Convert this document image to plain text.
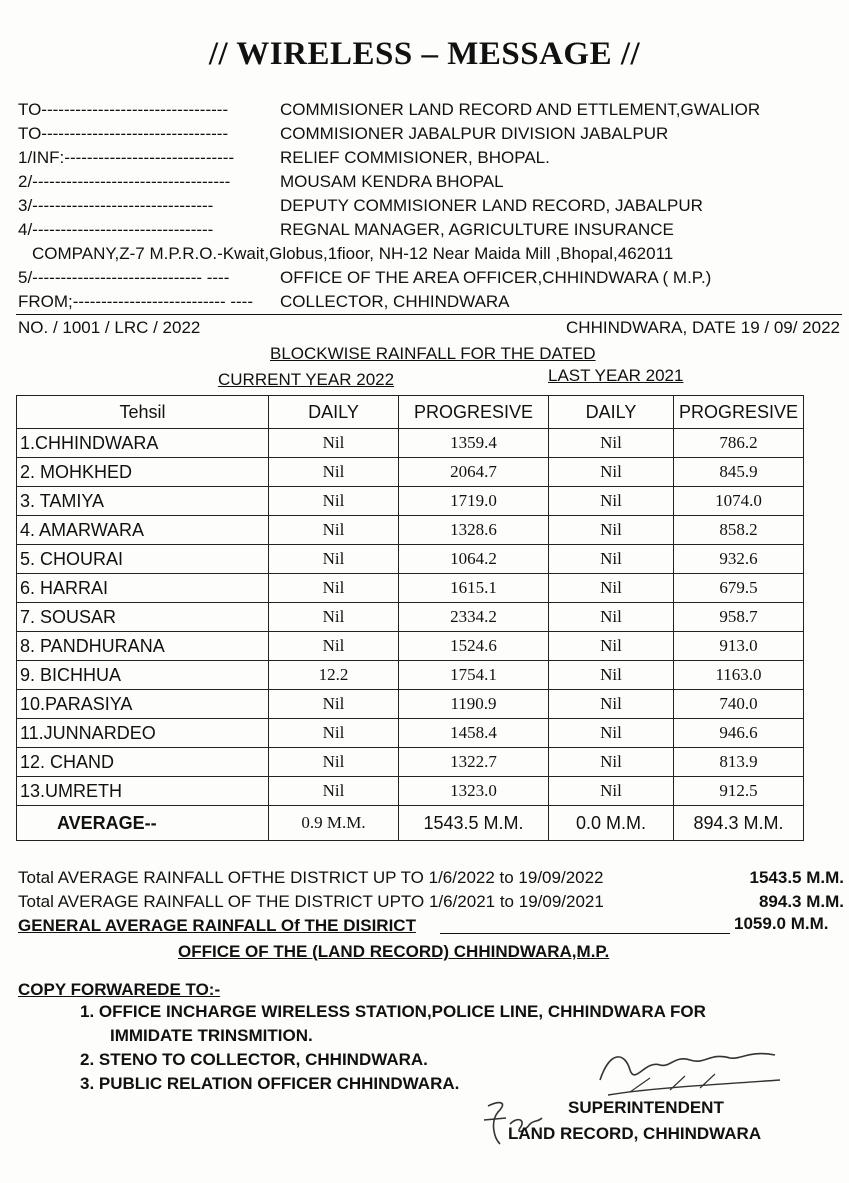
// WIRELESS – MESSAGE //
TO---------------------------------	COMMISIONER LAND RECORD AND ETTLEMENT,GWALIOR
TO---------------------------------	COMMISIONER JABALPUR DIVISION JABALPUR
1/INF:------------------------------	RELIEF COMMISIONER, BHOPAL.
2/-----------------------------------	MOUSAM KENDRA BHOPAL
3/--------------------------------	DEPUTY COMMISIONER LAND RECORD, JABALPUR
4/--------------------------------	REGNAL MANAGER, AGRICULTURE INSURANCE
COMPANY,Z-7 M.P.R.O.-Kwait,Globus,1fioor, NH-12 Near Maida Mill ,Bhopal,462011
5/------------------------------ ----	OFFICE OF THE AREA OFFICER,CHHINDWARA ( M.P.)
FROM;--------------------------- ---- COLLECTOR, CHHINDWARA
NO. / 1001 / LRC / 2022	CHHINDWARA, DATE 19 / 09/ 2022
BLOCKWISE RAINFALL FOR THE DATED
CURRENT YEAR 2022	LAST YEAR 2021
Tehsil	DAILY	PROGRESIVE	DAILY	PROGRESIVE
1.CHHINDWARA	Nil	1359.4	Nil	786.2
2. MOHKHED	Nil	2064.7	Nil	845.9
3. TAMIYA	Nil	1719.0	Nil	1074.0
4. AMARWARA	Nil	1328.6	Nil	858.2
5. CHOURAI	Nil	1064.2	Nil	932.6
6. HARRAI	Nil	1615.1	Nil	679.5
7. SOUSAR	Nil	2334.2	Nil	958.7
8. PANDHURANA	Nil	1524.6	Nil	913.0
9. BICHHUA	12.2	1754.1	Nil	1163.0
10.PARASIYA	Nil	1190.9	Nil	740.0
11.JUNNARDEO	Nil	1458.4	Nil	946.6
12. CHAND	Nil	1322.7	Nil	813.9
13.UMRETH	Nil	1323.0	Nil	912.5
AVERAGE--	0.9 M.M.	1543.5 M.M.	0.0 M.M.	894.3 M.M.
Total AVERAGE RAINFALL OFTHE DISTRICT UP TO 1/6/2022 to 19/09/2022	1543.5 M.M.
Total AVERAGE RAINFALL OF THE DISTRICT UPTO 1/6/2021 to 19/09/2021	894.3 M.M.
GENERAL AVERAGE RAINFALL Of THE DISIRICT	1059.0 M.M.
OFFICE OF THE (LAND RECORD) CHHINDWARA,M.P.
COPY FORWAREDE TO:-
1. OFFICE INCHARGE WIRELESS STATION,POLICE LINE, CHHINDWARA FOR
IMMIDATE TRINSMITION.
2. STENO TO COLLECTOR, CHHINDWARA.
3. PUBLIC RELATION OFFICER CHHINDWARA.
SUPERINTENDENT
LAND RECORD, CHHINDWARA
